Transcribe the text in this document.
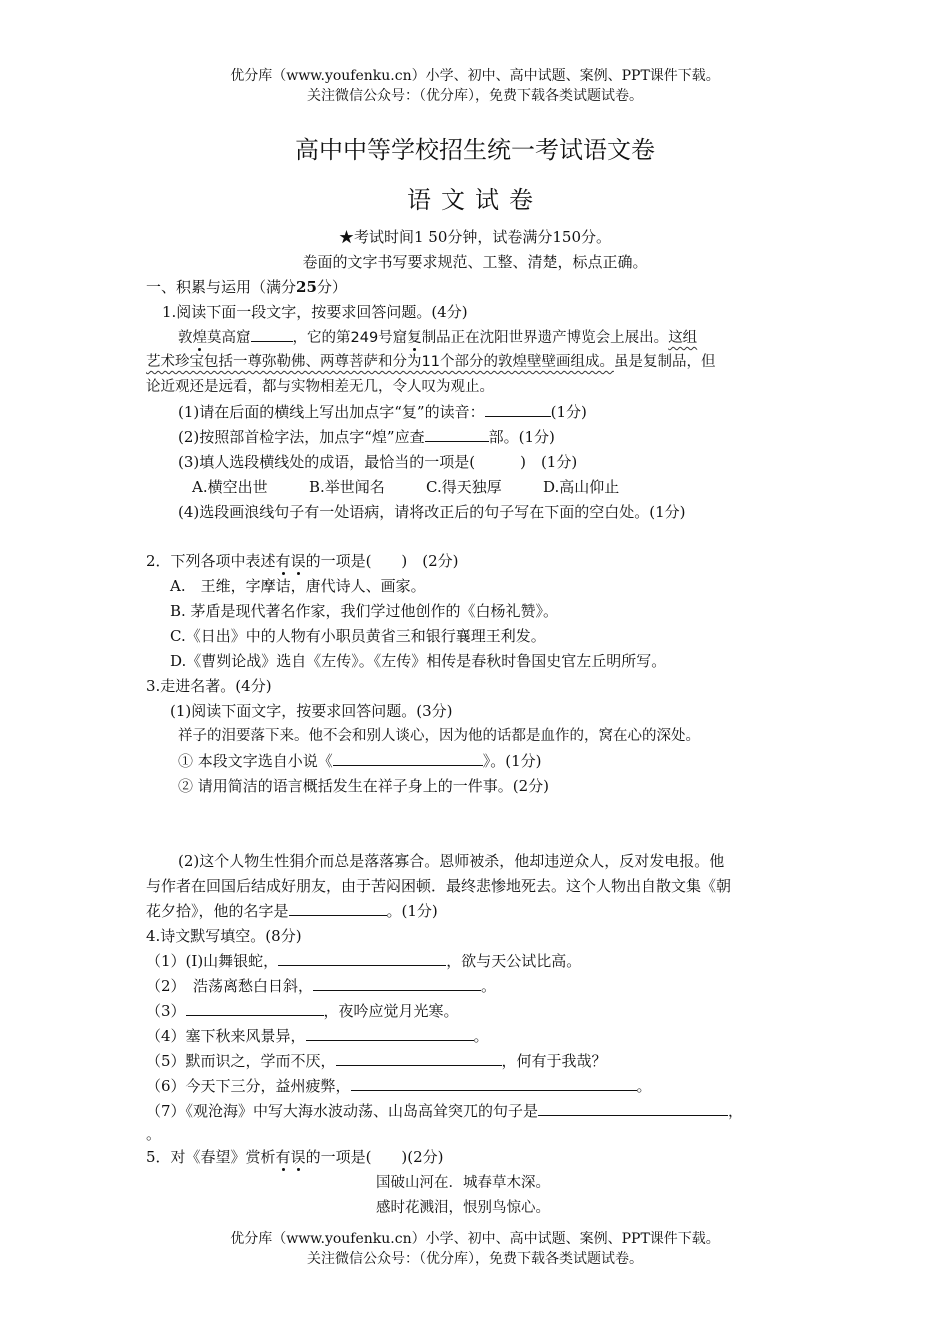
优分库（www.youfenku.cn）小学、初中、高中试题、案例、PPT课件下载。
关注微信公众号：（优分库），免费下载各类试题试卷。
高中中等学校招生统一考试语文卷
语文试卷
★考试时间1 50分钟，试卷满分150分。
卷面的文字书写要求规范、工整、清楚，标点正确。
一、积累与运用（满分25分）
1.阅读下面一段文字，按要求回答问题。(4分)
敦煌莫高窟	，它的第249号窟复制品正在沈阳世界遗产博览会上展出。这组
艺术珍宝包括一尊弥勒佛、两尊菩萨和分为11个部分的敦煌壁壁画组成。虽是复制品，但
论近观还是远看，都与实物相差无几，令人叹为观止。
(1)请在后面的横线上写出加点字“复”的读音：	(1分)
(2)按照部首检字法，加点字“煌”应查	部。(1分)
(3)填人选段横线处的成语，最恰当的一项是(　　　)　(1分)
A.横空出世	B.举世闻名	C.得天独厚	D.高山仰止
(4)选段画浪线句子有一处语病，请将改正后的句子写在下面的空白处。(1分)
2．下列各项中表述有误的一项是(　　)　(2分)
A.　王维，字摩诘，唐代诗人、画家。
B. 茅盾是现代著名作家，我们学过他创作的《白杨礼赞》。
C.《日出》中的人物有小职员黄省三和银行襄理王利发。
D.《曹刿论战》选自《左传》。《左传》相传是春秋时鲁国史官左丘明所写。
3.走进名著。(4分)
(1)阅读下面文字，按要求回答问题。(3分)
祥子的泪要落下来。他不会和别人谈心，因为他的话都是血作的，窝在心的深处。
① 本段文字选自小说《	》。(1分)
② 请用简洁的语言概括发生在祥子身上的一件事。(2分)
(2)这个人物生性狷介而总是落落寡合。恩师被杀，他却违逆众人，反对发电报。他
与作者在回国后结成好朋友，由于苦闷困顿．最终悲惨地死去。这个人物出自散文集《朝
花夕拾》，他的名字是	。(1分)
4.诗文默写填空。(8分)
（1）(I)山舞银蛇，	，欲与天公试比高。
（2）　浩荡离愁白日斜，	。
（3）	，夜吟应觉月光寒。
（4）塞下秋来风景异，	。
（5）默而识之，学而不厌，	，何有于我哉？
（6）今天下三分，益州疲弊，	。
（7）《观沧海》中写大海水波动荡、山岛高耸突兀的句子是	，
。
5．对《春望》赏析有误的一项是(　　)(2分)
国破山河在．城春草木深。
感时花溅泪，恨别鸟惊心。
优分库（www.youfenku.cn）小学、初中、高中试题、案例、PPT课件下载。
关注微信公众号：（优分库），免费下载各类试题试卷。
